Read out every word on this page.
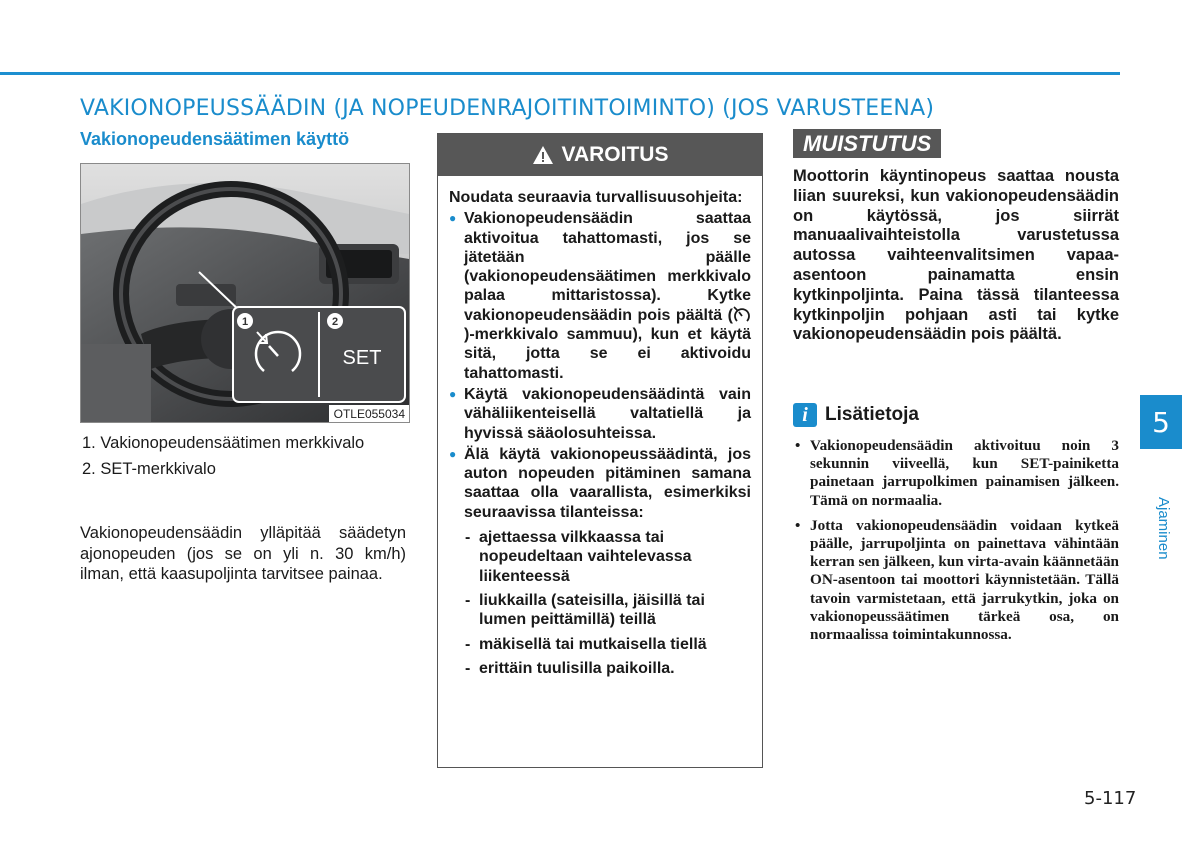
VAKIONOPEUSSÄÄDIN (JA NOPEUDENRAJOITINTOIMINTO) (JOS VARUSTEENA)
Vakionopeudensäätimen käyttö
1	2
SET
OTLE055034
1. Vakionopeudensäätimen merkkivalo
2. SET-merkkivalo

Vakionopeudensäädin ylläpitää säädetyn ajonopeuden (jos se on yli n. 30 km/h) ilman, että kaasupoljinta tarvitsee painaa.

VAROITUS

Noudata seuraavia turvallisuusohjeita:

● Vakionopeudensäädin saattaa aktivoitua tahattomasti, jos se jätetään päälle (vakionopeudensäätimen merkkivalo palaa mittaristossa). Kytke vakionopeudensäädin pois päältä ()-merkkivalo sammuu), kun et käytä sitä, jotta se ei aktivoidu tahattomasti.
● Käytä vakionopeudensäädintä vain vähäliikenteisellä valtatiellä ja hyvissä sääolosuhteissa.
● Älä käytä vakionopeussäädintä, jos auton nopeuden pitäminen samana saattaa olla vaarallista, esimerkiksi seuraavissa tilanteissa:
- ajettaessa vilkkaassa tai nopeudeltaan vaihtelevassa liikenteessä
- liukkailla (sateisilla, jäisillä tai lumen peittämillä) teillä
- mäkisellä tai mutkaisella tiellä
- erittäin tuulisilla paikoilla.
MUISTUTUS

Moottorin käyntinopeus saattaa nousta liian suureksi, kun vakionopeudensäädin on käytössä, jos siirrät manuaalivaihteistolla varustetussa autossa vaihteenvalitsimen vapaa-asentoon painamatta ensin kytkinpoljinta. Paina tässä tilanteessa kytkinpoljin pohjaan asti tai kytke vakionopeudensäädin pois päältä.

i Lisätietoja
• Vakionopeudensäädin aktivoituu noin 3 sekunnin viiveellä, kun SET-painiketta painetaan jarrupolkimen painamisen jälkeen. Tämä on normaalia.
• Jotta vakionopeudensäädin voidaan kytkeä päälle, jarrupoljinta on painettava vähintään kerran sen jälkeen, kun virta-avain käännetään ON-asentoon tai moottori käynnistetään. Tällä tavoin varmistetaan, että jarrukytkin, joka on vakionopeussäätimen tärkeä osa, on normaalissa toimintakunnossa.
5
Ajaminen
5-117
